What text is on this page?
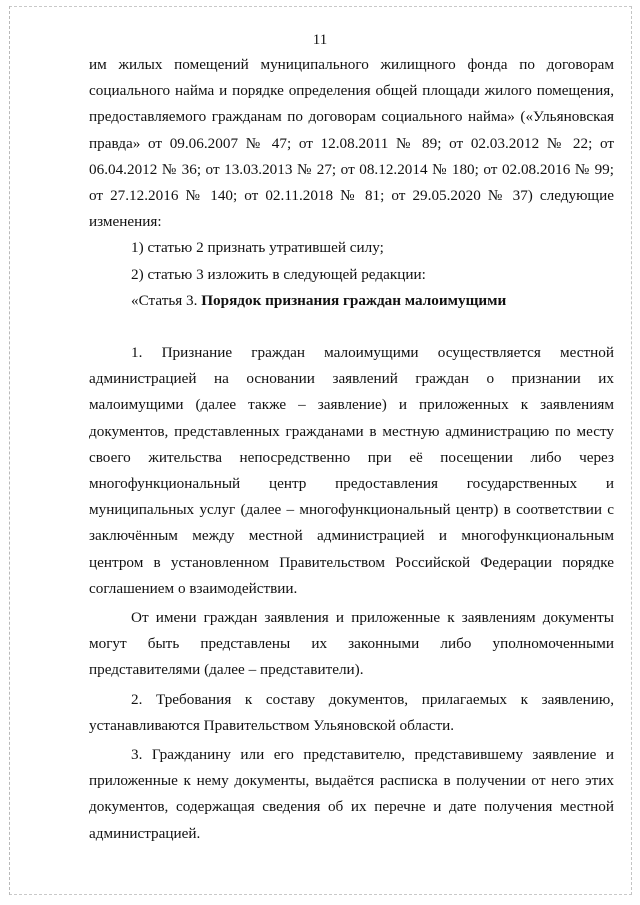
11

им жилых помещений муниципального жилищного фонда по договорам социального найма и порядке определения общей площади жилого помещения, предоставляемого гражданам по договорам социального найма» («Ульяновская правда» от 09.06.2007 № 47; от 12.08.2011 № 89; от 02.03.2012 № 22; от 06.04.2012 № 36; от 13.03.2013 № 27; от 08.12.2014 № 180; от 02.08.2016 № 99; от 27.12.2016 № 140; от 02.11.2018 № 81; от 29.05.2020 № 37) следующие изменения:

1) статью 2 признать утратившей силу;

2) статью 3 изложить в следующей редакции:

«Статья 3. Порядок признания граждан малоимущими

1. Признание граждан малоимущими осуществляется местной администрацией на основании заявлений граждан о признании их малоимущими (далее также – заявление) и приложенных к заявлениям документов, представленных гражданами в местную администрацию по месту своего жительства непосредственно при её посещении либо через многофункциональный центр предоставления государственных и муниципальных услуг (далее – многофункциональный центр) в соответствии с заключённым между местной администрацией и многофункциональным центром в установленном Правительством Российской Федерации порядке соглашением о взаимодействии.

От имени граждан заявления и приложенные к заявлениям документы могут быть представлены их законными либо уполномоченными представителями (далее – представители).

2. Требования к составу документов, прилагаемых к заявлению, устанавливаются Правительством Ульяновской области.

3. Гражданину или его представителю, представившему заявление и приложенные к нему документы, выдаётся расписка в получении от него этих документов, содержащая сведения об их перечне и дате получения местной администрацией.
